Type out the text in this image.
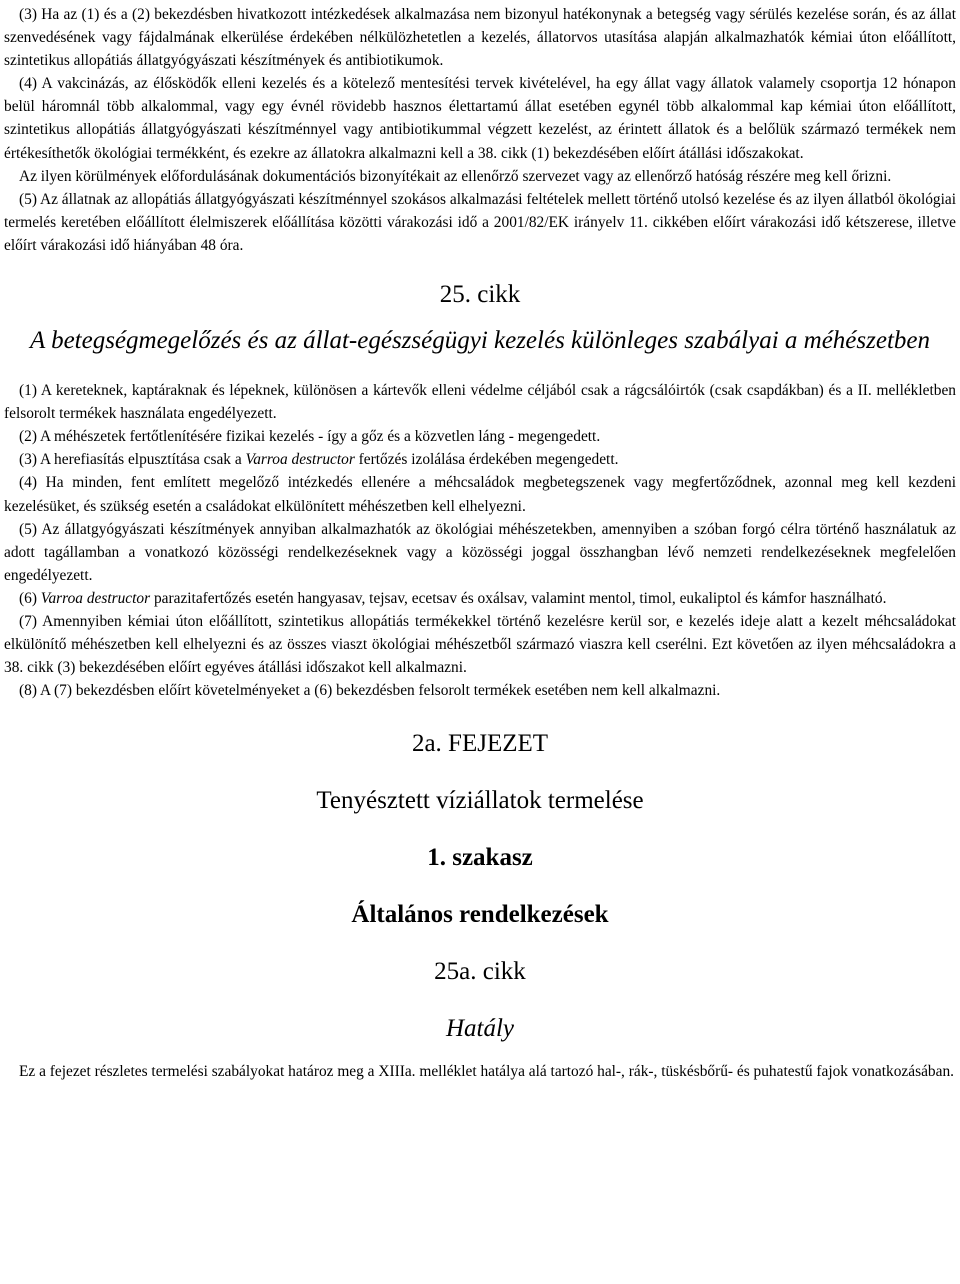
(3) Ha az (1) és a (2) bekezdésben hivatkozott intézkedések alkalmazása nem bizonyul hatékonynak a betegség vagy sérülés kezelése során, és az állat szenvedésének vagy fájdalmának elkerülése érdekében nélkülözhetetlen a kezelés, állatorvos utasítása alapján alkalmazhatók kémiai úton előállított, szintetikus allopátiás állatgyógyászati készítmények és antibiotikumok.

(4) A vakcinázás, az élősködők elleni kezelés és a kötelező mentesítési tervek kivételével, ha egy állat vagy állatok valamely csoportja 12 hónapon belül háromnál több alkalommal, vagy egy évnél rövidebb hasznos élettartamú állat esetében egynél több alkalommal kap kémiai úton előállított, szintetikus allopátiás állatgyógyászati készítménnyel vagy antibiotikummal végzett kezelést, az érintett állatok és a belőlük származó termékek nem értékesíthetők ökológiai termékként, és ezekre az állatokra alkalmazni kell a 38. cikk (1) bekezdésében előírt átállási időszakokat.

Az ilyen körülmények előfordulásának dokumentációs bizonyítékait az ellenőrző szervezet vagy az ellenőrző hatóság részére meg kell őrizni.

(5) Az állatnak az allopátiás állatgyógyászati készítménnyel szokásos alkalmazási feltételek mellett történő utolsó kezelése és az ilyen állatból ökológiai termelés keretében előállított élelmiszerek előállítása közötti várakozási idő a 2001/82/EK irányelv 11. cikkében előírt várakozási idő kétszerese, illetve előírt várakozási idő hiányában 48 óra.

25. cikk

A betegségmegelőzés és az állat-egészségügyi kezelés különleges szabályai a méhészetben

(1) A kereteknek, kaptáraknak és lépeknek, különösen a kártevők elleni védelme céljából csak a rágcsálóirtók (csak csapdákban) és a II. mellékletben felsorolt termékek használata engedélyezett.

(2) A méhészetek fertőtlenítésére fizikai kezelés - így a gőz és a közvetlen láng - megengedett.

(3) A herefiasítás elpusztítása csak a Varroa destructor fertőzés izolálása érdekében megengedett.

(4) Ha minden, fent említett megelőző intézkedés ellenére a méhcsaládok megbetegszenek vagy megfertőződnek, azonnal meg kell kezdeni kezelésüket, és szükség esetén a családokat elkülönített méhészetben kell elhelyezni.

(5) Az állatgyógyászati készítmények annyiban alkalmazhatók az ökológiai méhészetekben, amennyiben a szóban forgó célra történő használatuk az adott tagállamban a vonatkozó közösségi rendelkezéseknek vagy a közösségi joggal összhangban lévő nemzeti rendelkezéseknek megfelelően engedélyezett.

(6) Varroa destructor parazitafertőzés esetén hangyasav, tejsav, ecetsav és oxálsav, valamint mentol, timol, eukaliptol és kámfor használható.

(7) Amennyiben kémiai úton előállított, szintetikus allopátiás termékekkel történő kezelésre kerül sor, e kezelés ideje alatt a kezelt méhcsaládokat elkülönítő méhészetben kell elhelyezni és az összes viaszt ökológiai méhészetből származó viaszra kell cserélni. Ezt követően az ilyen méhcsaládokra a 38. cikk (3) bekezdésében előírt egyéves átállási időszakot kell alkalmazni.

(8) A (7) bekezdésben előírt követelményeket a (6) bekezdésben felsorolt termékek esetében nem kell alkalmazni.

2a. FEJEZET

Tenyésztett víziállatok termelése

1. szakasz

Általános rendelkezések

25a. cikk

Hatály

Ez a fejezet részletes termelési szabályokat határoz meg a XIIIa. melléklet hatálya alá tartozó hal-, rák-, tüskésbőrű- és puhatestű fajok vonatkozásában.
